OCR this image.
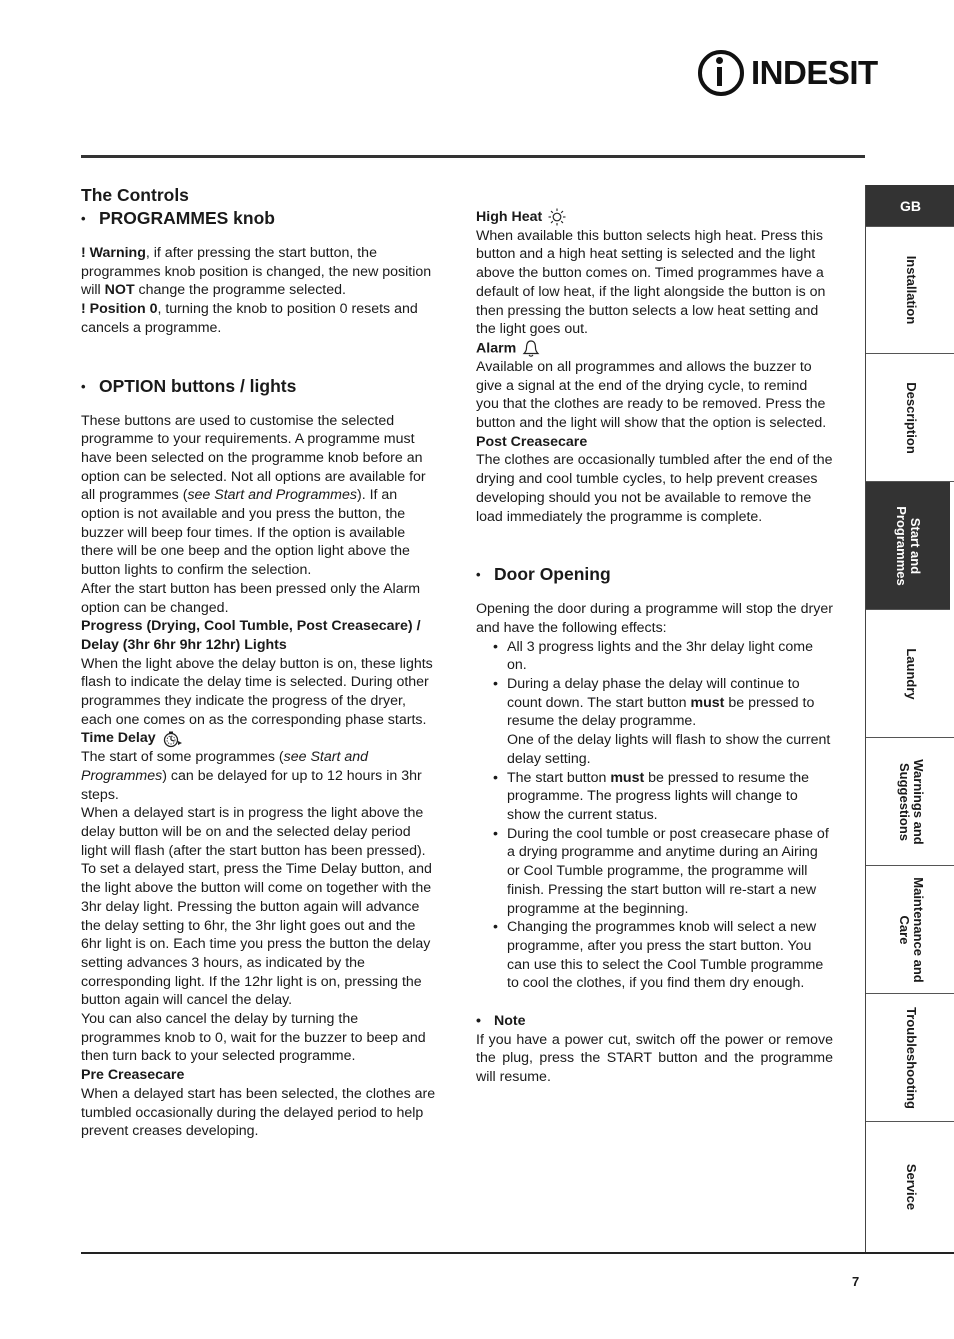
INDESIT

The Controls

• PROGRAMMES knob

! Warning, if after pressing the start button, the programmes knob position is changed, the new position will NOT change the programme selected.

! Position 0, turning the knob to position 0 resets and cancels a programme.

• OPTION buttons / lights

These buttons are used to customise the selected programme to your requirements. A programme must have been selected on the programme knob before an option can be selected. Not all options are available for all programmes (see Start and Programmes). If an option is not available and you press the button, the buzzer will beep four times. If the option is available there will be one beep and the option light above the button lights to confirm the selection.

After the start button has been pressed only the Alarm option can be changed.

Progress (Drying, Cool Tumble, Post Creasecare) / Delay (3hr 6hr 9hr 12hr) Lights

When the light above the delay button is on, these lights flash to indicate the delay time is selected. During other programmes they indicate the progress of the dryer, each one comes on as the corresponding phase starts.

Time Delay

The start of some programmes (see Start and Programmes) can be delayed for up to 12 hours in 3hr steps.

When a delayed start is in progress the light above the delay button will be on and the selected delay period light will flash (after the start button has been pressed).

To set a delayed start, press the Time Delay button, and the light above the button will come on together with the 3hr delay light. Pressing the button again will advance the delay setting to 6hr, the 3hr light goes out and the 6hr light is on. Each time you press the button the delay setting advances 3 hours, as indicated by the corresponding light. If the 12hr light is on, pressing the button again will cancel the delay.

You can also cancel the delay by turning the programmes knob to 0, wait for the buzzer to beep and then turn back to your selected programme.

Pre Creasecare

When a delayed start has been selected, the clothes are tumbled occasionally during the delayed period to help prevent creases developing.

High Heat

When available this button selects high heat. Press this button and a high heat setting is selected and the light above the button comes on. Timed programmes have a default of low heat, if the light alongside the button is on then pressing the button selects a low heat setting and the light goes out.

Alarm

Available on all programmes and allows the buzzer to give a signal at the end of the drying cycle, to remind you that the clothes are ready to be removed. Press the button and the light will show that the option is selected.

Post Creasecare

The clothes are occasionally tumbled after the end of the drying and cool tumble cycles, to help prevent creases developing should you not be available to remove the load immediately the programme is complete.

• Door Opening

Opening the door during a programme will stop the dryer and have the following effects:

• All 3 progress lights and the 3hr delay light come on.
• During a delay phase the delay will continue to count down. The start button must be pressed to resume the delay programme.
One of the delay lights will flash to show the current delay setting.
• The start button must be pressed to resume the programme. The progress lights will change to show the current status.
• During the cool tumble or post creasecare phase of a drying programme and anytime during an Airing or Cool Tumble programme, the programme will finish. Pressing the start button will re-start a new programme at the beginning.
• Changing the programmes knob will select a new programme, after you press the start button. You can use this to select the Cool Tumble programme to cool the clothes, if you find them dry enough.

• Note

If you have a power cut, switch off the power or remove the plug, press the START button and the programme will resume.

GB
Installation
Description
Start and
Programmes
Laundry
Warnings and
Suggestions
Maintenance and
Care
Troubleshooting
Service
7
